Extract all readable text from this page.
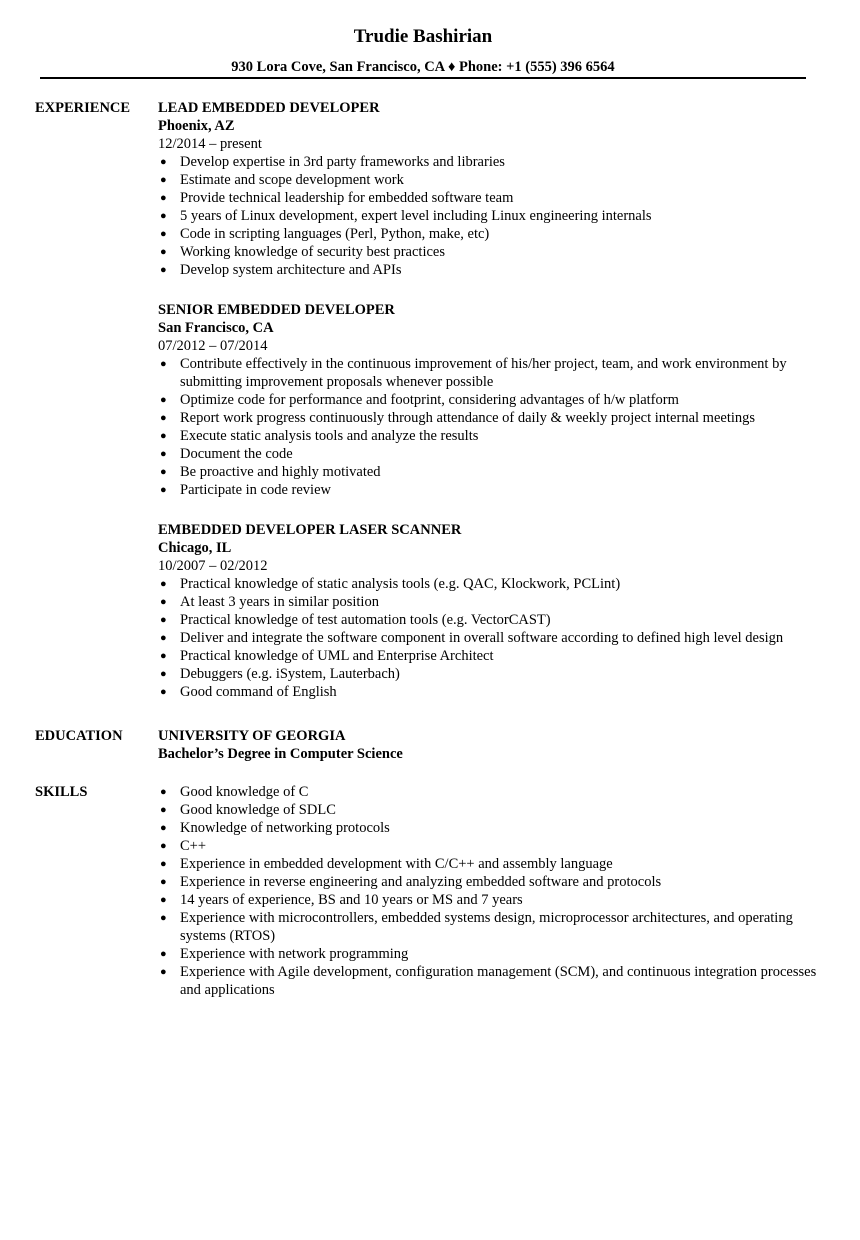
Trudie Bashirian
930 Lora Cove, San Francisco, CA ♦ Phone: +1 (555) 396 6564
EXPERIENCE LEAD EMBEDDED DEVELOPER
Phoenix, AZ
12/2014 – present
● Develop expertise in 3rd party frameworks and libraries
● Estimate and scope development work
● Provide technical leadership for embedded software team
● 5 years of Linux development, expert level including Linux engineering internals
● Code in scripting languages (Perl, Python, make, etc)
● Working knowledge of security best practices
● Develop system architecture and APIs
SENIOR EMBEDDED DEVELOPER
San Francisco, CA
07/2012 – 07/2014
● Contribute effectively in the continuous improvement of his/her project, team, and work environment by submitting improvement proposals whenever possible
● Optimize code for performance and footprint, considering advantages of h/w platform
● Report work progress continuously through attendance of daily & weekly project internal meetings
● Execute static analysis tools and analyze the results
● Document the code
● Be proactive and highly motivated
● Participate in code review
EMBEDDED DEVELOPER LASER SCANNER
Chicago, IL
10/2007 – 02/2012
● Practical knowledge of static analysis tools (e.g. QAC, Klockwork, PCLint)
● At least 3 years in similar position
● Practical knowledge of test automation tools (e.g. VectorCAST)
● Deliver and integrate the software component in overall software according to defined high level design
● Practical knowledge of UML and Enterprise Architect
● Debuggers (e.g. iSystem, Lauterbach)
● Good command of English
EDUCATION UNIVERSITY OF GEORGIA
Bachelor’s Degree in Computer Science
SKILLS	● Good knowledge of C
● Good knowledge of SDLC
● Knowledge of networking protocols
● C++
● Experience in embedded development with C/C++ and assembly language
● Experience in reverse engineering and analyzing embedded software and protocols
● 14 years of experience, BS and 10 years or MS and 7 years
● Experience with microcontrollers, embedded systems design, microprocessor architectures, and operating systems (RTOS)
● Experience with network programming
● Experience with Agile development, configuration management (SCM), and continuous integration processes and applications
